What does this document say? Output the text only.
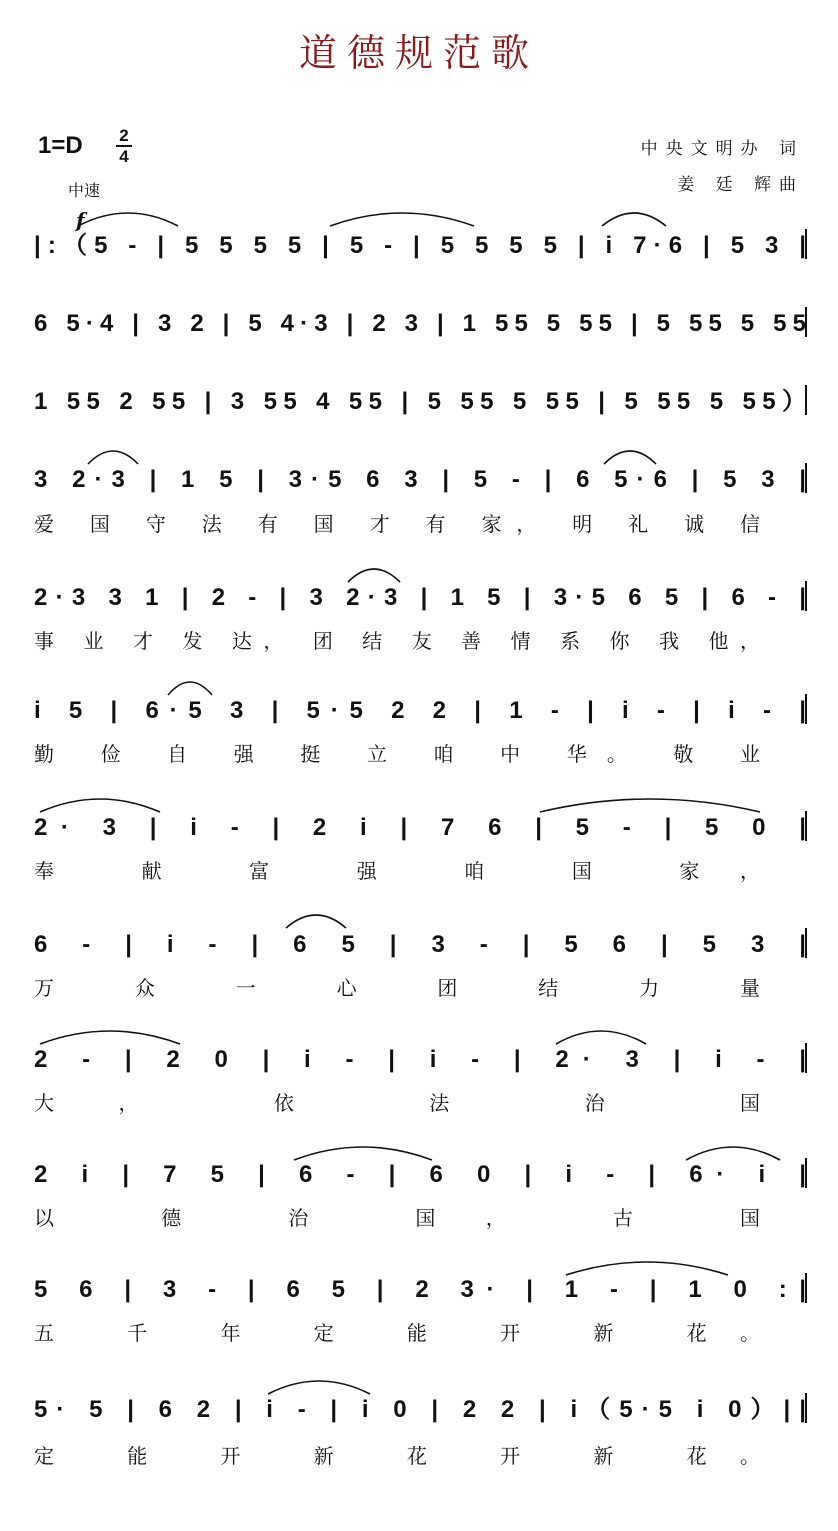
道德规范歌
1=D 2
4
中速
中央文明办 词
姜 廷 辉曲
f
|:（5 - | 5 5 5 5 | 5 - | 5 5 5 5 | i 7·6 | 5 3 |
6 5·4 | 3 2 | 5 4·3 | 2 3 | 1 55 5 55 | 5 55 5 55
1 55 2 55 | 3 55 4 55 | 5 55 5 55 | 5 55 5 55）
3 2·3 | 1 5 | 3·5 6 3 | 5 - | 6 5·6 | 5 3 |
爱 国 守 法 有 国 才 有 家， 明 礼 诚 信
2·3 3 1 | 2 - | 3 2·3 | 1 5 | 3·5 6 5 | 6 - |
事 业 才 发 达， 团 结 友 善 情 系 你 我 他，
i 5 | 6·5 3 | 5·5 2 2 | 1 - | i - | i - |
勤 俭 自 强 挺 立 咱 中 华。 敬 业
2· 3 | i - | 2 i | 7 6 | 5 - | 5 0 |
奉 献 富 强 咱 国 家，
6 - | i - | 6 5 | 3 - | 5 6 | 5 3 |
万 众 一 心 团 结 力 量
2 - | 2 0 | i - | i - | 2· 3 | i - |
大， 依 法 治 国
2 i | 7 5 | 6 - | 6 0 | i - | 6· i |
以 德 治 国， 古 国
5 6 | 3 - | 6 5 | 2 3· | 1 - | 1 0 :|
五 千 年 定 能 开 新 花。
5· 5 | 6 2 | i - | i 0 | 2 2 | i（5·5 i 0）||
定 能 开 新 花 开 新 花。
